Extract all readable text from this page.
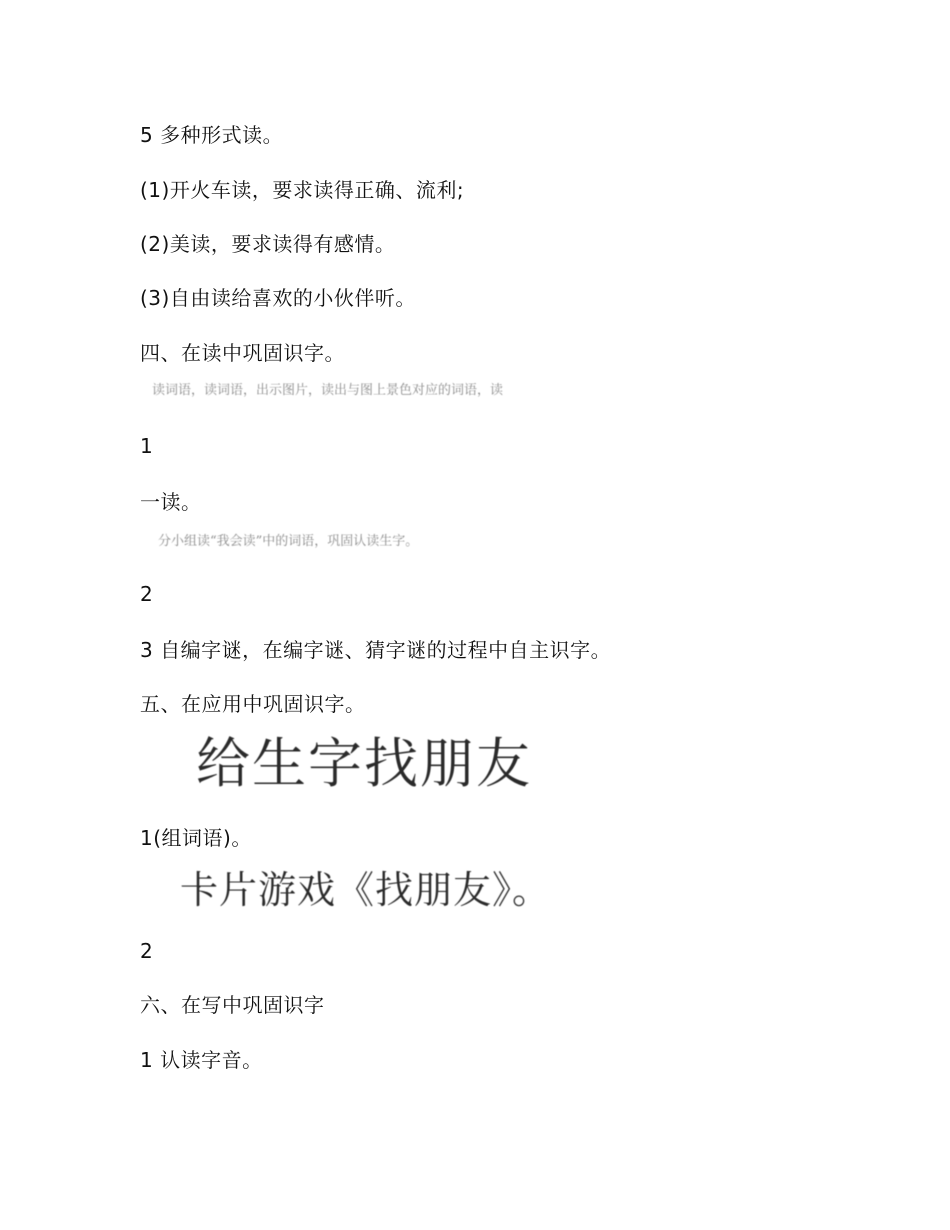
5 多种形式读。
(1)开火车读，要求读得正确、流利;
(2)美读，要求读得有感情。
(3)自由读给喜欢的小伙伴听。
四、在读中巩固识字。
读词语，读词语，出示图片，读出与图上景色对应的词语，读
1
一读。
分小组读“我会读”中的词语，巩固认读生字。
2
3 自编字谜，在编字谜、猜字谜的过程中自主识字。
五、在应用中巩固识字。
给生字找朋友
1(组词语)。
卡片游戏《找朋友》。
2
六、在写中巩固识字
1 认读字音。
